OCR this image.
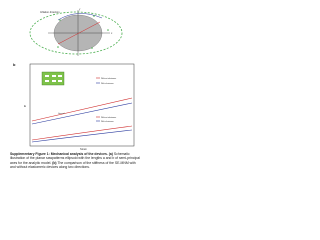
Inflation direction
x
y
b
E
Strain
Without elastomer
With elastomer
Without elastomer
With elastomer
Ground
Supplementary Figure 1: Mechanical analysis of the devices. (a) Schematic illustration of the planar sawpatterns ellipsoid with the lengths a and b of semi-principal axes for the analytic model. (b) The comparison of the stiffness of the SE-MNM with and without elastomeric devices along two directions.
